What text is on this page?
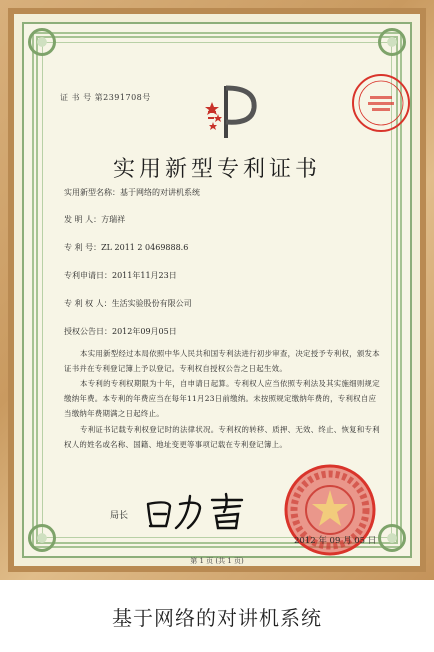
证 书 号 第2391708号
实用新型专利证书
实用新型名称：基于网络的对讲机系统
发 明 人：方瑞祥
专 利 号：ZL 2011 2 0469888.6
专利申请日：2011年11月23日
专 利 权 人：生活实验股份有限公司
授权公告日：2012年09月05日
本实用新型经过本局依照中华人民共和国专利法进行初步审查，决定授予专利权，颁发本证书并在专利登记簿上予以登记。专利权自授权公告之日起生效。
本专利的专利权期限为十年，自申请日起算。专利权人应当依照专利法及其实施细则规定缴纳年费。本专利的年费应当在每年11月23日前缴纳。未按照规定缴纳年费的，专利权自应当缴纳年费期满之日起终止。
专利证书记载专利权登记时的法律状况。专利权的转移、质押、无效、终止、恢复和专利权人的姓名或名称、国籍、地址变更等事项记载在专利登记簿上。
局长
2012 年 09 月 05 日
第 1 页 (共 1 页)
基于网络的对讲机系统
